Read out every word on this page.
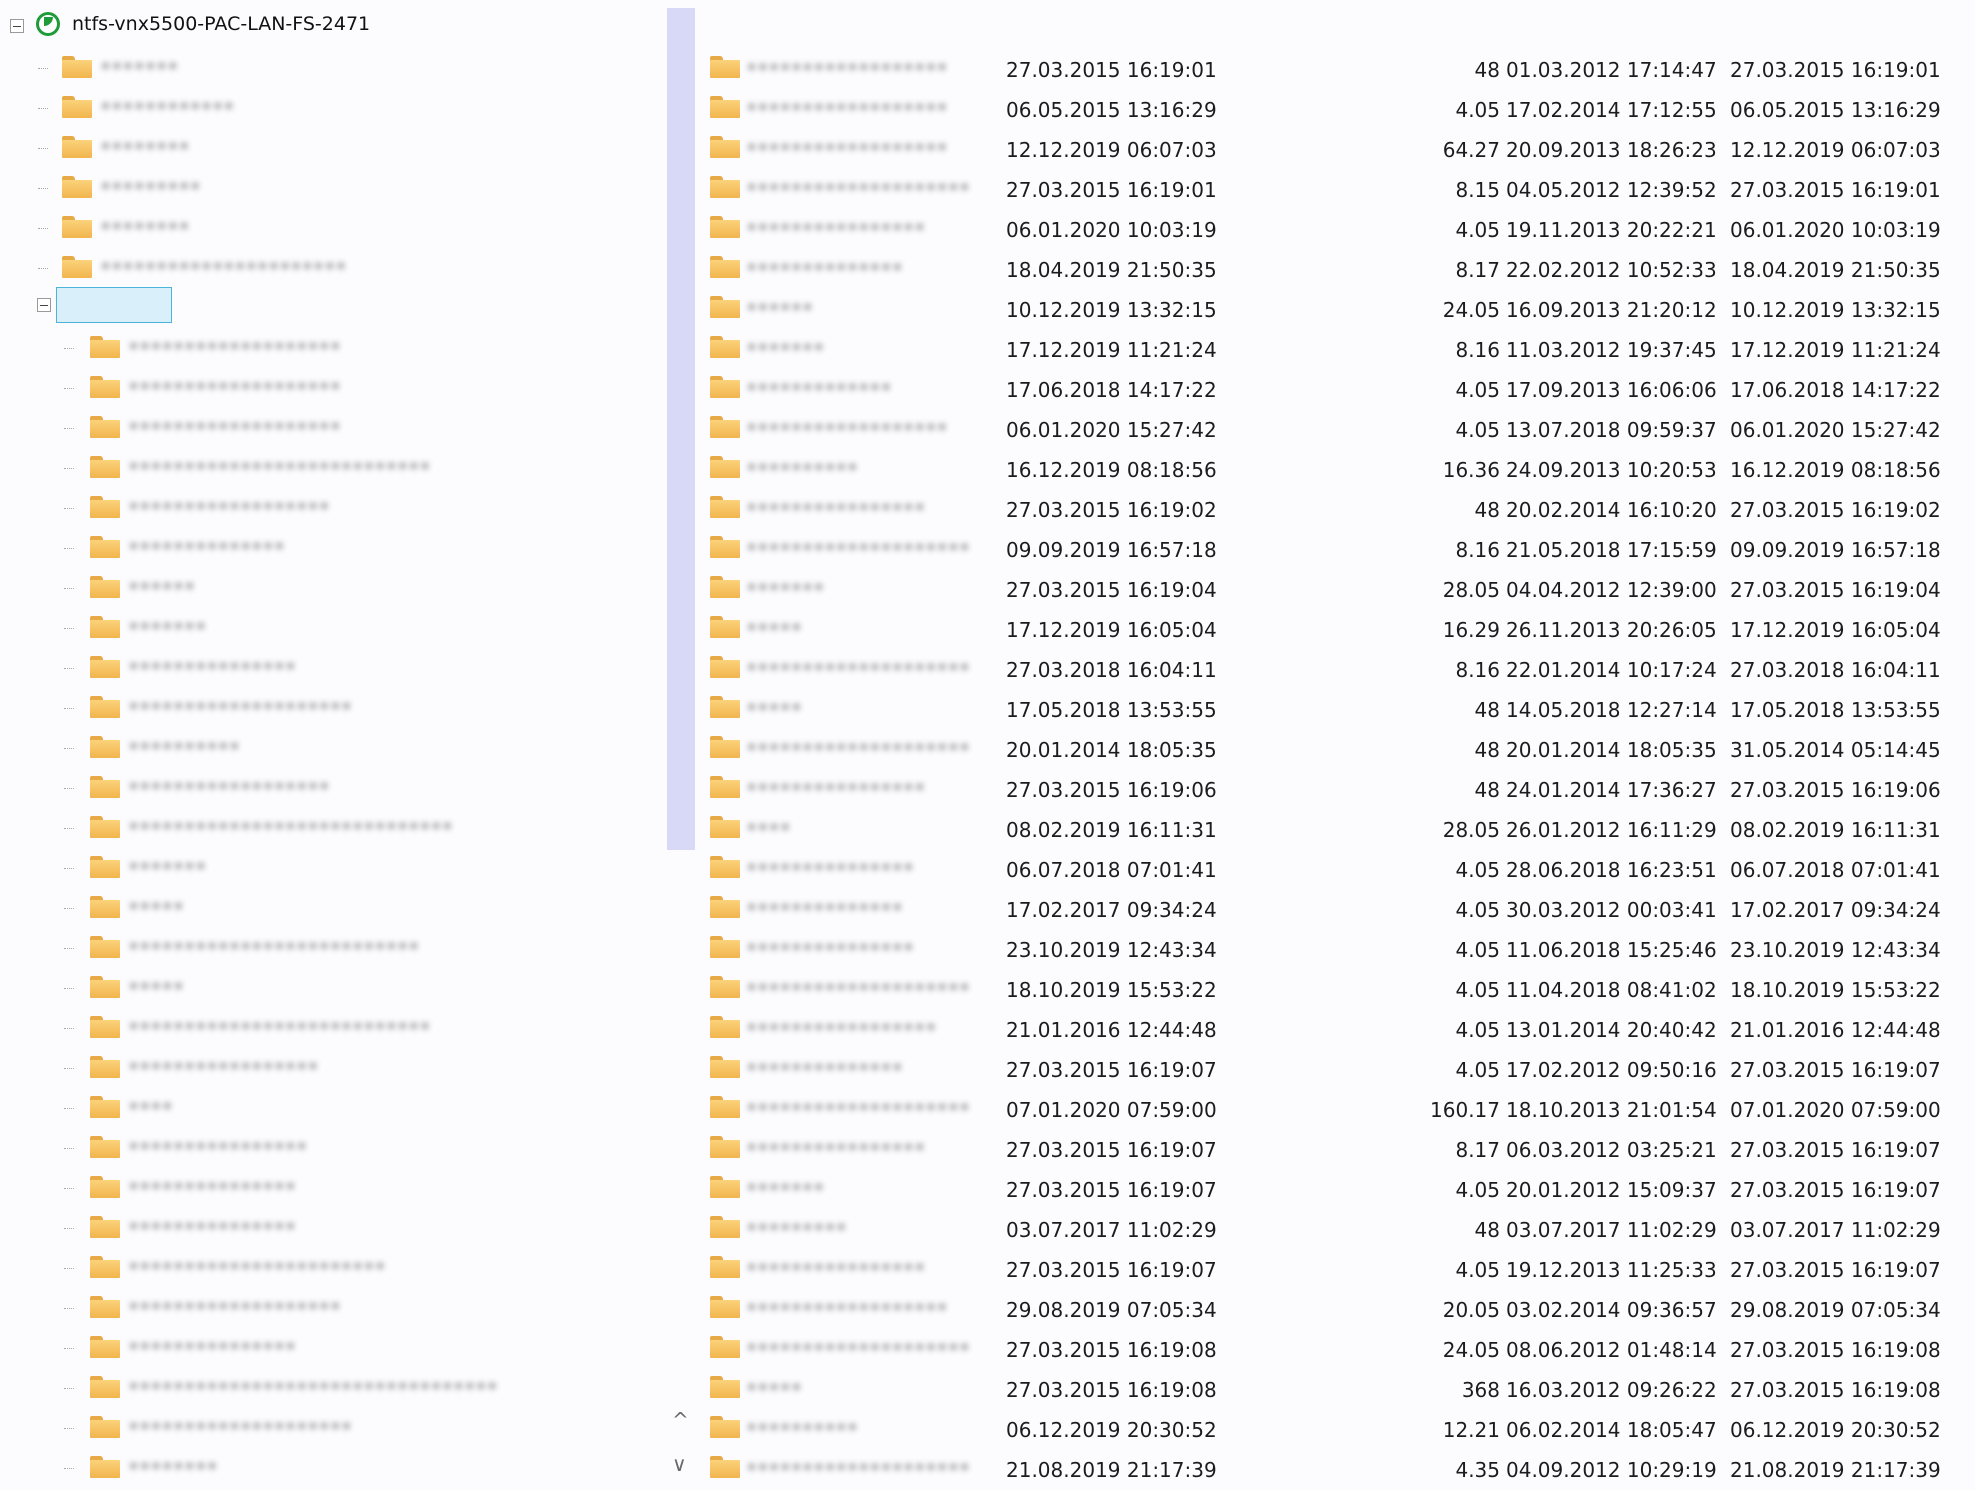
ntfs-vnx5500-PAC-LAN-FS-2471
•••••••
••••••••••••
••••••••
•••••••••
••••••••
••••••••••••••••••••••
•••••••••••••••••••
•••••••••••••••••••
•••••••••••••••••••
•••••••••••••••••••••••••••
••••••••••••••••••
••••••••••••••
••••••
•••••••
•••••••••••••••
••••••••••••••••••••
••••••••••
••••••••••••••••••
•••••••••••••••••••••••••••••
•••••••
•••••
••••••••••••••••••••••••••
•••••
•••••••••••••••••••••••••••
•••••••••••••••••
••••
••••••••••••••••
•••••••••••••••
•••••••••••••••
•••••••••••••••••••••••
•••••••••••••••••••
•••••••••••••••
•••••••••••••••••••••••••••••••••
••••••••••••••••••••
••••••••
^
∨
••••••••••••••••••	27.03.2015 16:19:01	48 01.03.2012 17:14:47 27.03.2015 16:19:01
••••••••••••••••••	06.05.2015 13:16:29	4.05 17.02.2014 17:12:55 06.05.2015 13:16:29
••••••••••••••••••	12.12.2019 06:07:03	64.27 20.09.2013 18:26:23 12.12.2019 06:07:03
•••••••••••••••••••• 27.03.2015 16:19:01	8.15 04.05.2012 12:39:52 27.03.2015 16:19:01
••••••••••••••••	06.01.2020 10:03:19	4.05 19.11.2013 20:22:21 06.01.2020 10:03:19
••••••••••••••	18.04.2019 21:50:35	8.17 22.02.2012 10:52:33 18.04.2019 21:50:35
••••••	10.12.2019 13:32:15	24.05 16.09.2013 21:20:12 10.12.2019 13:32:15
•••••••	17.12.2019 11:21:24	8.16 11.03.2012 19:37:45 17.12.2019 11:21:24
•••••••••••••	17.06.2018 14:17:22	4.05 17.09.2013 16:06:06 17.06.2018 14:17:22
••••••••••••••••••	06.01.2020 15:27:42	4.05 13.07.2018 09:59:37 06.01.2020 15:27:42
••••••••••	16.12.2019 08:18:56	16.36 24.09.2013 10:20:53 16.12.2019 08:18:56
••••••••••••••••	27.03.2015 16:19:02	48 20.02.2014 16:10:20 27.03.2015 16:19:02
•••••••••••••••••••• 09.09.2019 16:57:18	8.16 21.05.2018 17:15:59 09.09.2019 16:57:18
•••••••	27.03.2015 16:19:04	28.05 04.04.2012 12:39:00 27.03.2015 16:19:04
•••••	17.12.2019 16:05:04	16.29 26.11.2013 20:26:05 17.12.2019 16:05:04
•••••••••••••••••••• 27.03.2018 16:04:11	8.16 22.01.2014 10:17:24 27.03.2018 16:04:11
•••••	17.05.2018 13:53:55	48 14.05.2018 12:27:14 17.05.2018 13:53:55
•••••••••••••••••••• 20.01.2014 18:05:35	48 20.01.2014 18:05:35 31.05.2014 05:14:45
••••••••••••••••	27.03.2015 16:19:06	48 24.01.2014 17:36:27 27.03.2015 16:19:06
••••	08.02.2019 16:11:31	28.05 26.01.2012 16:11:29 08.02.2019 16:11:31
•••••••••••••••	06.07.2018 07:01:41	4.05 28.06.2018 16:23:51 06.07.2018 07:01:41
••••••••••••••	17.02.2017 09:34:24	4.05 30.03.2012 00:03:41 17.02.2017 09:34:24
•••••••••••••••	23.10.2019 12:43:34	4.05 11.06.2018 15:25:46 23.10.2019 12:43:34
•••••••••••••••••••• 18.10.2019 15:53:22	4.05 11.04.2018 08:41:02 18.10.2019 15:53:22
•••••••••••••••••	21.01.2016 12:44:48	4.05 13.01.2014 20:40:42 21.01.2016 12:44:48
••••••••••••••	27.03.2015 16:19:07	4.05 17.02.2012 09:50:16 27.03.2015 16:19:07
•••••••••••••••••••• 07.01.2020 07:59:00	160.17 18.10.2013 21:01:54 07.01.2020 07:59:00
••••••••••••••••	27.03.2015 16:19:07	8.17 06.03.2012 03:25:21 27.03.2015 16:19:07
•••••••	27.03.2015 16:19:07	4.05 20.01.2012 15:09:37 27.03.2015 16:19:07
•••••••••	03.07.2017 11:02:29	48 03.07.2017 11:02:29 03.07.2017 11:02:29
••••••••••••••••	27.03.2015 16:19:07	4.05 19.12.2013 11:25:33 27.03.2015 16:19:07
••••••••••••••••••	29.08.2019 07:05:34	20.05 03.02.2014 09:36:57 29.08.2019 07:05:34
•••••••••••••••••••• 27.03.2015 16:19:08	24.05 08.06.2012 01:48:14 27.03.2015 16:19:08
•••••	27.03.2015 16:19:08	368 16.03.2012 09:26:22 27.03.2015 16:19:08
••••••••••	06.12.2019 20:30:52	12.21 06.02.2014 18:05:47 06.12.2019 20:30:52
•••••••••••••••••••• 21.08.2019 21:17:39	4.35 04.09.2012 10:29:19 21.08.2019 21:17:39
